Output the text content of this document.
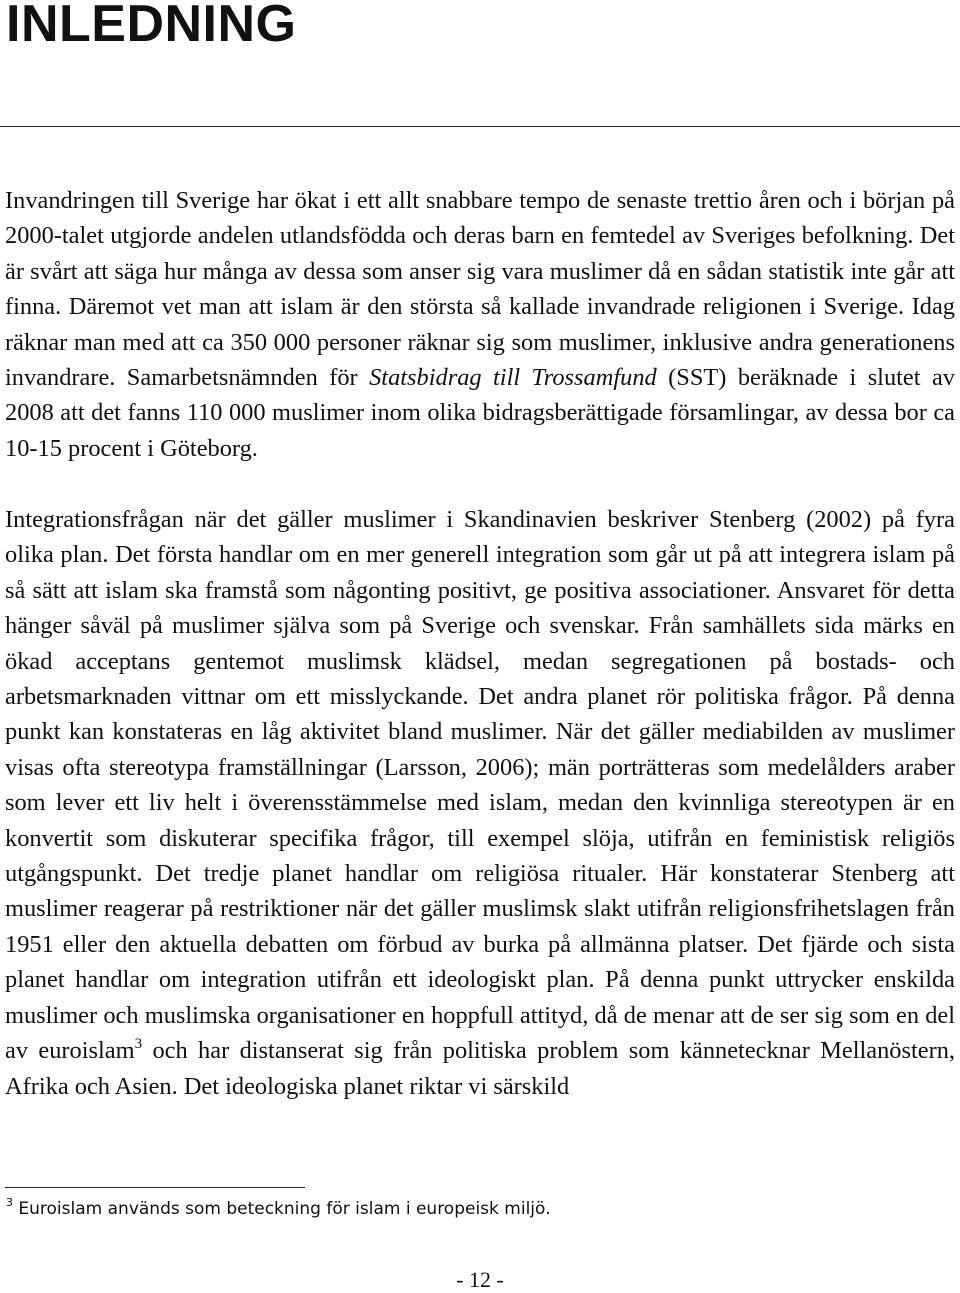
INLEDNING

Invandringen till Sverige har ökat i ett allt snabbare tempo de senaste trettio åren och i början på 2000-talet utgjorde andelen utlandsfödda och deras barn en femtedel av Sveriges befolkning. Det är svårt att säga hur många av dessa som anser sig vara muslimer då en sådan statistik inte går att finna. Däremot vet man att islam är den största så kallade invandrade religionen i Sverige. Idag räknar man med att ca 350 000 personer räknar sig som muslimer, inklusive andra generationens invandrare. Samarbetsnämnden för Statsbidrag till Trossamfund (SST) beräknade i slutet av 2008 att det fanns 110 000 muslimer inom olika bidragsberättigade församlingar, av dessa bor ca 10-15 procent i Göteborg.

Integrationsfrågan när det gäller muslimer i Skandinavien beskriver Stenberg (2002) på fyra olika plan. Det första handlar om en mer generell integration som går ut på att integrera islam på så sätt att islam ska framstå som någonting positivt, ge positiva associationer. Ansvaret för detta hänger såväl på muslimer själva som på Sverige och svenskar. Från samhällets sida märks en ökad acceptans gentemot muslimsk klädsel, medan segregationen på bostads- och arbetsmarknaden vittnar om ett misslyckande. Det andra planet rör politiska frågor. På denna punkt kan konstateras en låg aktivitet bland muslimer. När det gäller mediabilden av muslimer visas ofta stereotypa framställningar (Larsson, 2006); män porträtteras som medelålders araber som lever ett liv helt i överensstämmelse med islam, medan den kvinnliga stereotypen är en konvertit som diskuterar specifika frågor, till exempel slöja, utifrån en feministisk religiös utgångspunkt. Det tredje planet handlar om religiösa ritualer. Här konstaterar Stenberg att muslimer reagerar på restriktioner när det gäller muslimsk slakt utifrån religionsfrihetslagen från 1951 eller den aktuella debatten om förbud av burka på allmänna platser. Det fjärde och sista planet handlar om integration utifrån ett ideologiskt plan. På denna punkt uttrycker enskilda muslimer och muslimska organisationer en hoppfull attityd, då de menar att de ser sig som en del av euroislam$^3$ och har distanserat sig från politiska problem som kännetecknar Mellanöstern, Afrika och Asien. Det ideologiska planet riktar vi särskild

$^3$ Euroislam används som beteckning för islam i europeisk miljö.

- 12 -
